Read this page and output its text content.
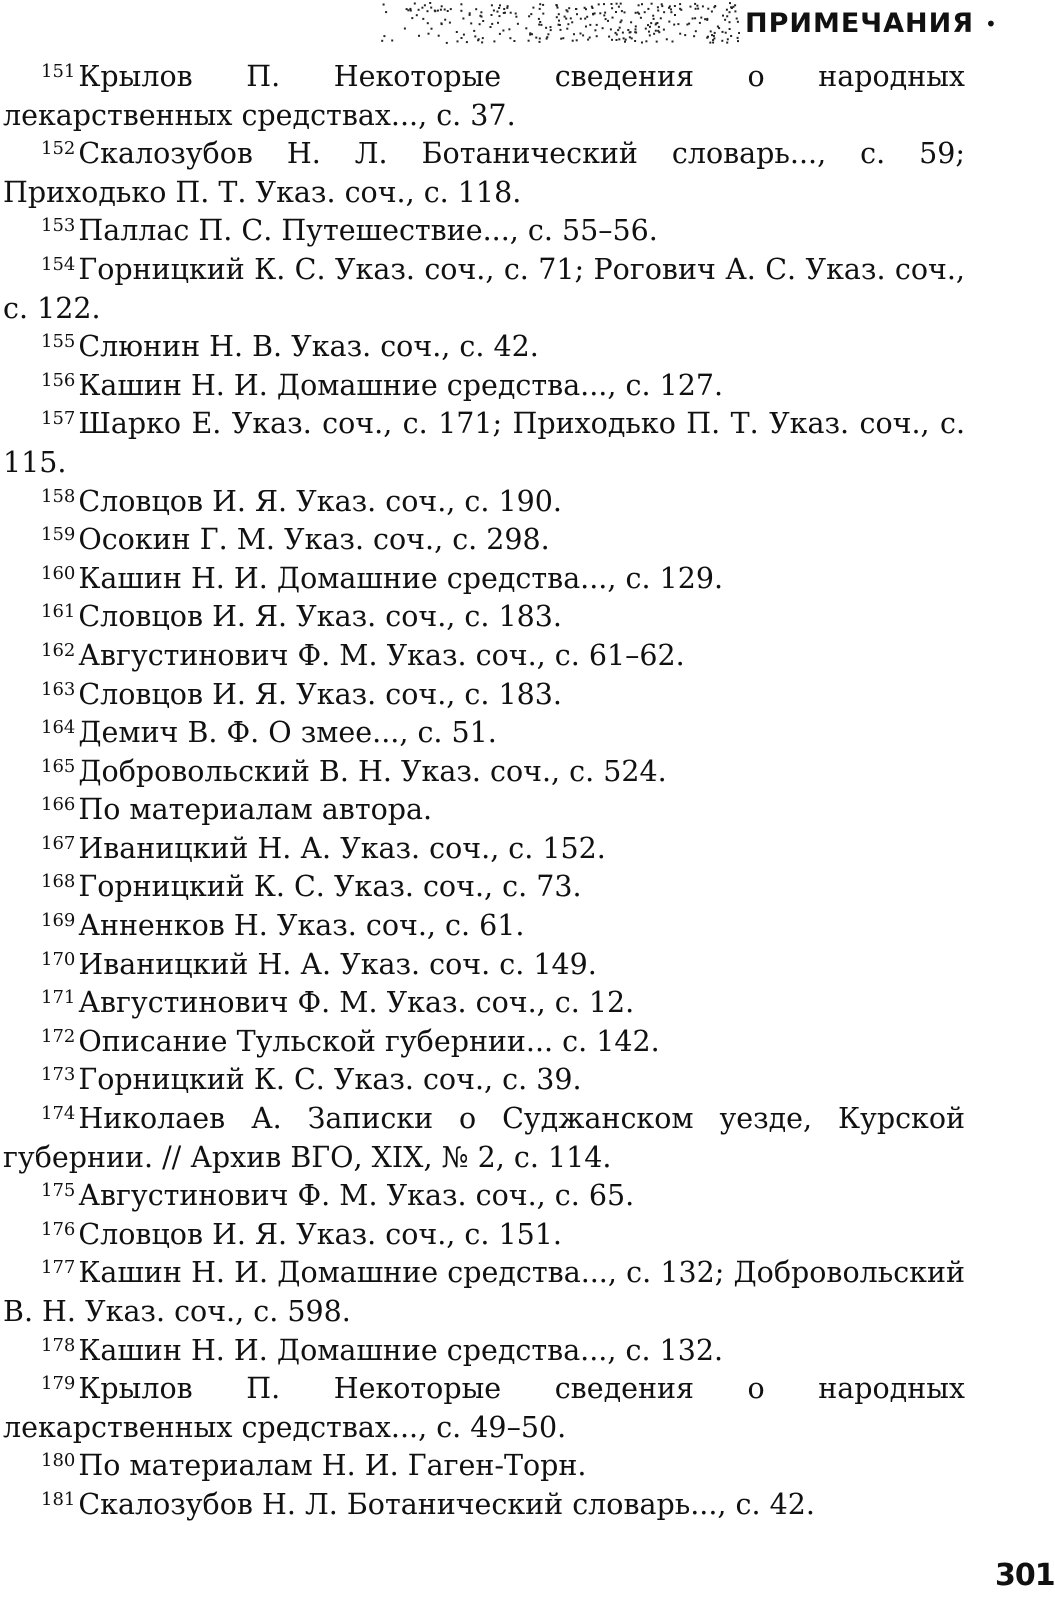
ПРИМЕЧАНИЯ •

$^{151}$ Крылов П. Некоторые сведения о народных лекарственных средствах..., с. 37.

$^{152}$ Скалозубов Н. Л. Ботанический словарь..., с. 59; Приходько П. Т. Указ. соч., с. 118.

$^{153}$ Паллас П. С. Путешествие..., с. 55–56.

$^{154}$ Горницкий К. С. Указ. соч., с. 71; Рогович А. С. Указ. соч., с. 122.

$^{155}$ Слюнин Н. В. Указ. соч., с. 42.

$^{156}$ Кашин Н. И. Домашние средства..., с. 127.

$^{157}$ Шарко Е. Указ. соч., с. 171; Приходько П. Т. Указ. соч., с. 115.

$^{158}$ Словцов И. Я. Указ. соч., с. 190.

$^{159}$ Осокин Г. М. Указ. соч., с. 298.

$^{160}$ Кашин Н. И. Домашние средства..., с. 129.

$^{161}$ Словцов И. Я. Указ. соч., с. 183.

$^{162}$ Августинович Ф. М. Указ. соч., с. 61–62.

$^{163}$ Словцов И. Я. Указ. соч., с. 183.

$^{164}$ Демич В. Ф. О змее..., с. 51.

$^{165}$ Добровольский В. Н. Указ. соч., с. 524.

$^{166}$ По материалам автора.

$^{167}$ Иваницкий Н. А. Указ. соч., с. 152.

$^{168}$ Горницкий К. С. Указ. соч., с. 73.

$^{169}$ Анненков Н. Указ. соч., с. 61.

$^{170}$ Иваницкий Н. А. Указ. соч. с. 149.

$^{171}$ Августинович Ф. М. Указ. соч., с. 12.

$^{172}$ Описание Тульской губернии... с. 142.

$^{173}$ Горницкий К. С. Указ. соч., с. 39.

$^{174}$ Николаев А. Записки о Суджанском уезде, Курской губернии. // Архив ВГО, XIX, № 2, с. 114.

$^{175}$ Августинович Ф. М. Указ. соч., с. 65.

$^{176}$ Словцов И. Я. Указ. соч., с. 151.

$^{177}$ Кашин Н. И. Домашние средства..., с. 132; Добровольский В. Н. Указ. соч., с. 598.

$^{178}$ Кашин Н. И. Домашние средства..., с. 132.

$^{179}$ Крылов П. Некоторые сведения о народных лекарственных средствах..., с. 49–50.

$^{180}$ По материалам Н. И. Гаген-Торн.

$^{181}$ Скалозубов Н. Л. Ботанический словарь..., с. 42.

301
